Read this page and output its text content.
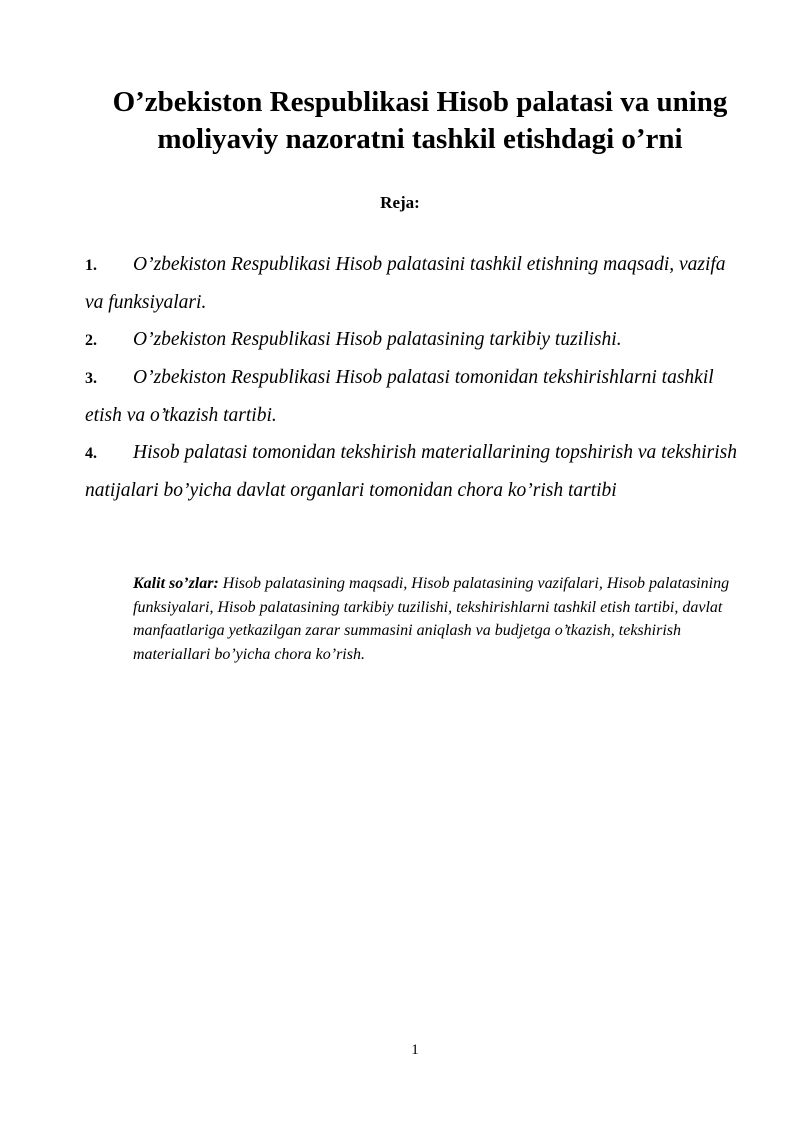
O’zbekiston Respublikasi Hisob palatasi va uning
moliyaviy nazoratni tashkil etishdagi o’rni
Reja:
1. O’zbekiston Respublikasi Hisob palatasini tashkil etishning maqsadi, vazifa va funksiyalari.
2. O’zbekiston Respublikasi Hisob palatasining tarkibiy tuzilishi.
3. O’zbekiston Respublikasi Hisob palatasi tomonidan tekshirishlarni tashkil etish va o’tkazish tartibi.
4. Hisob palatasi tomonidan tekshirish materiallarining topshirish va tekshirish natijalari bo’yicha davlat organlari tomonidan chora ko’rish tartibi

Kalit so’zlar: Hisob palatasining maqsadi, Hisob palatasining vazifalari, Hisob palatasining funksiyalari, Hisob palatasining tarkibiy tuzilishi, tekshirishlarni tashkil etish tartibi, davlat manfaatlariga yetkazilgan zarar summasini aniqlash va budjetga o’tkazish, tekshirish materiallari bo’yicha chora ko’rish.

1
